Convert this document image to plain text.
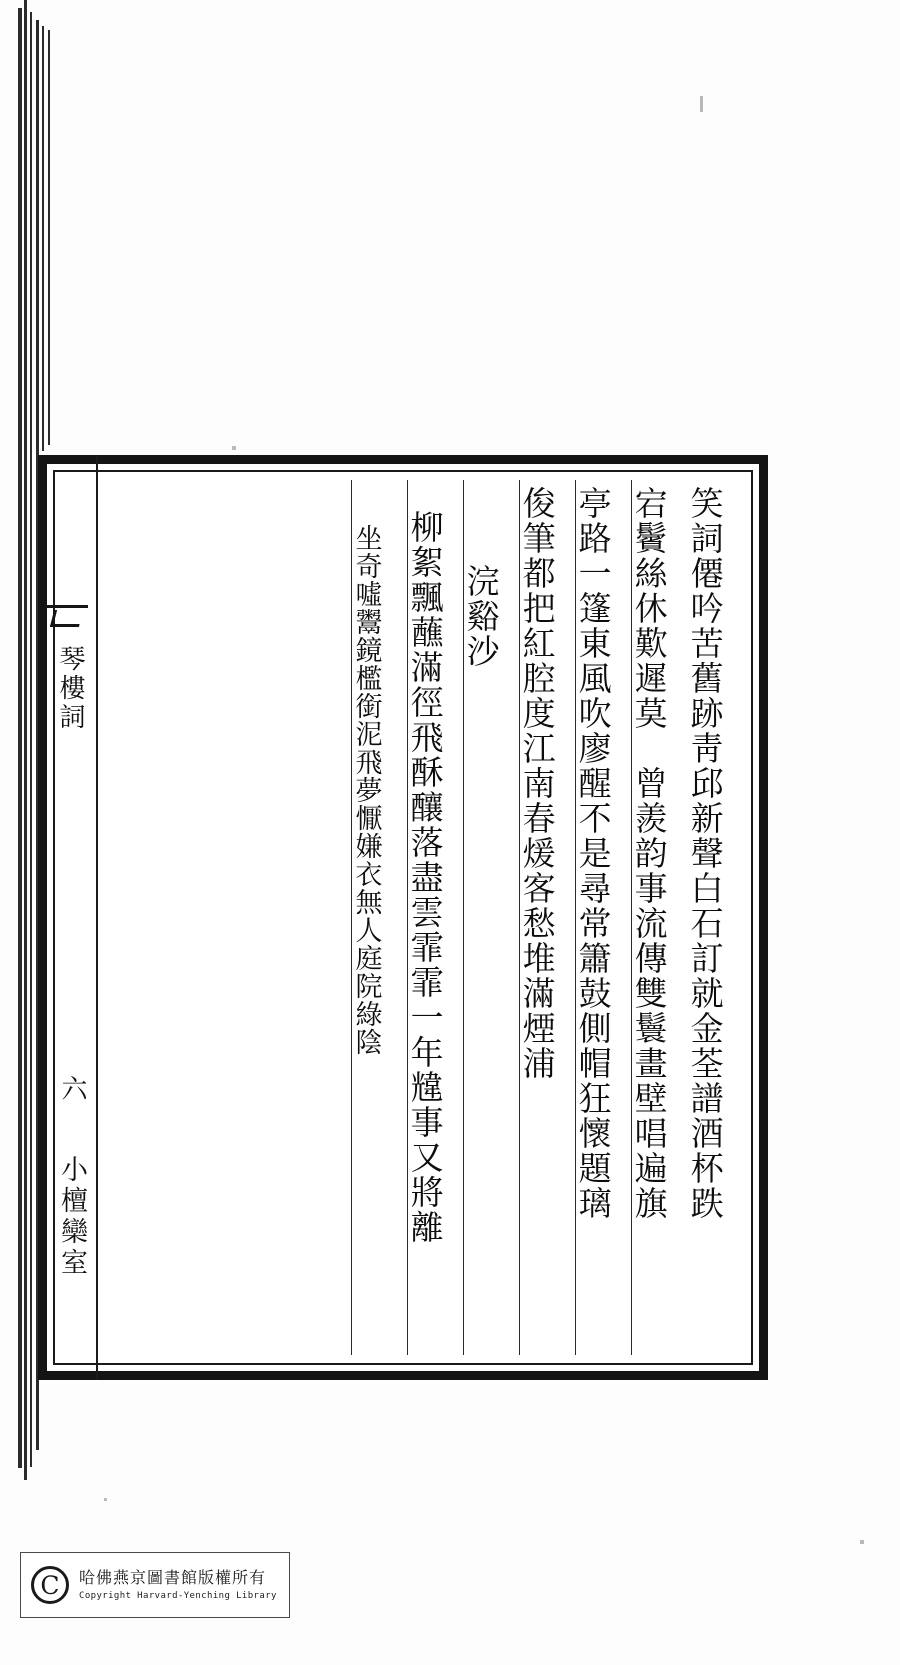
笑詞僊吟苦舊跡靑邱新聲白石訂就金荃譜酒杯跌
宕鬢絲休歎遲莫　曾羨韵事流傳雙鬟畫壁唱遍旗
亭路一篷東風吹廖醒不是尋常簫鼓側帽狂懷題璃
俊筆都把紅腔度江南春煖客愁堆滿煙浦
浣谿沙
柳絮飄蘸滿徑飛酥釀落盡雲霏霏一年韑事又將離
坐奇噓鬻鏡檻銜泥飛夢懨嫌衣無人庭院綠陰
琴樓詞
六
小檀欒室
C	哈佛燕京圖書館版權所有
Copyright Harvard-Yenching Library
